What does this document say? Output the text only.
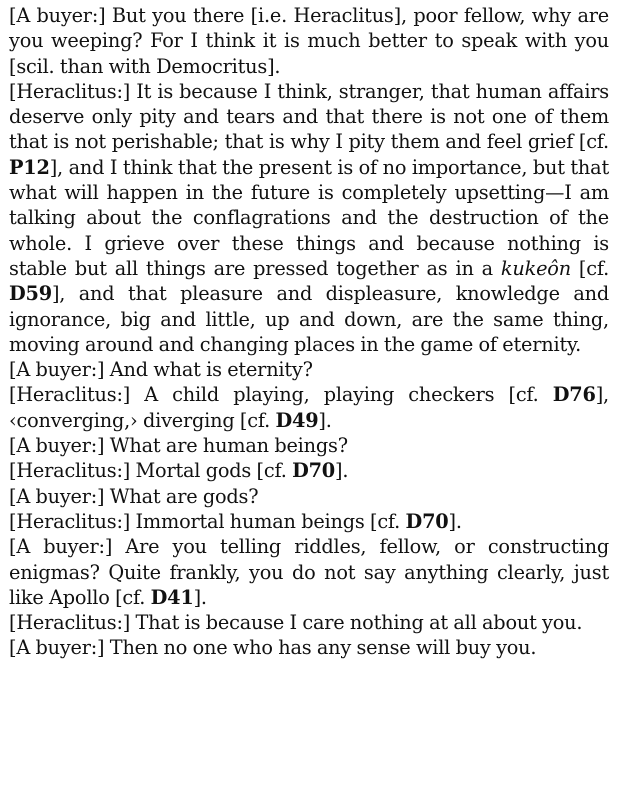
[A buyer:] But you there [i.e. Heraclitus], poor fellow, why are you weeping? For I think it is much better to speak with you [scil. than with Democritus].

[Heraclitus:] It is because I think, stranger, that human affairs deserve only pity and tears and that there is not one of them that is not perishable; that is why I pity them and feel grief [cf. P12], and I think that the present is of no importance, but that what will happen in the future is completely upsetting—I am talking about the conflagrations and the destruction of the whole. I grieve over these things and because nothing is stable but all things are pressed together as in a kukeôn [cf. D59], and that pleasure and displeasure, knowledge and ignorance, big and little, up and down, are the same thing, moving around and changing places in the game of eternity.

[A buyer:] And what is eternity?

[Heraclitus:] A child playing, playing checkers [cf. D76], ‹converging,› diverging [cf. D49].

[A buyer:] What are human beings?

[Heraclitus:] Mortal gods [cf. D70].

[A buyer:] What are gods?

[Heraclitus:] Immortal human beings [cf. D70].

[A buyer:] Are you telling riddles, fellow, or constructing enigmas? Quite frankly, you do not say anything clearly, just like Apollo [cf. D41].

[Heraclitus:] That is because I care nothing at all about you.

[A buyer:] Then no one who has any sense will buy you.
